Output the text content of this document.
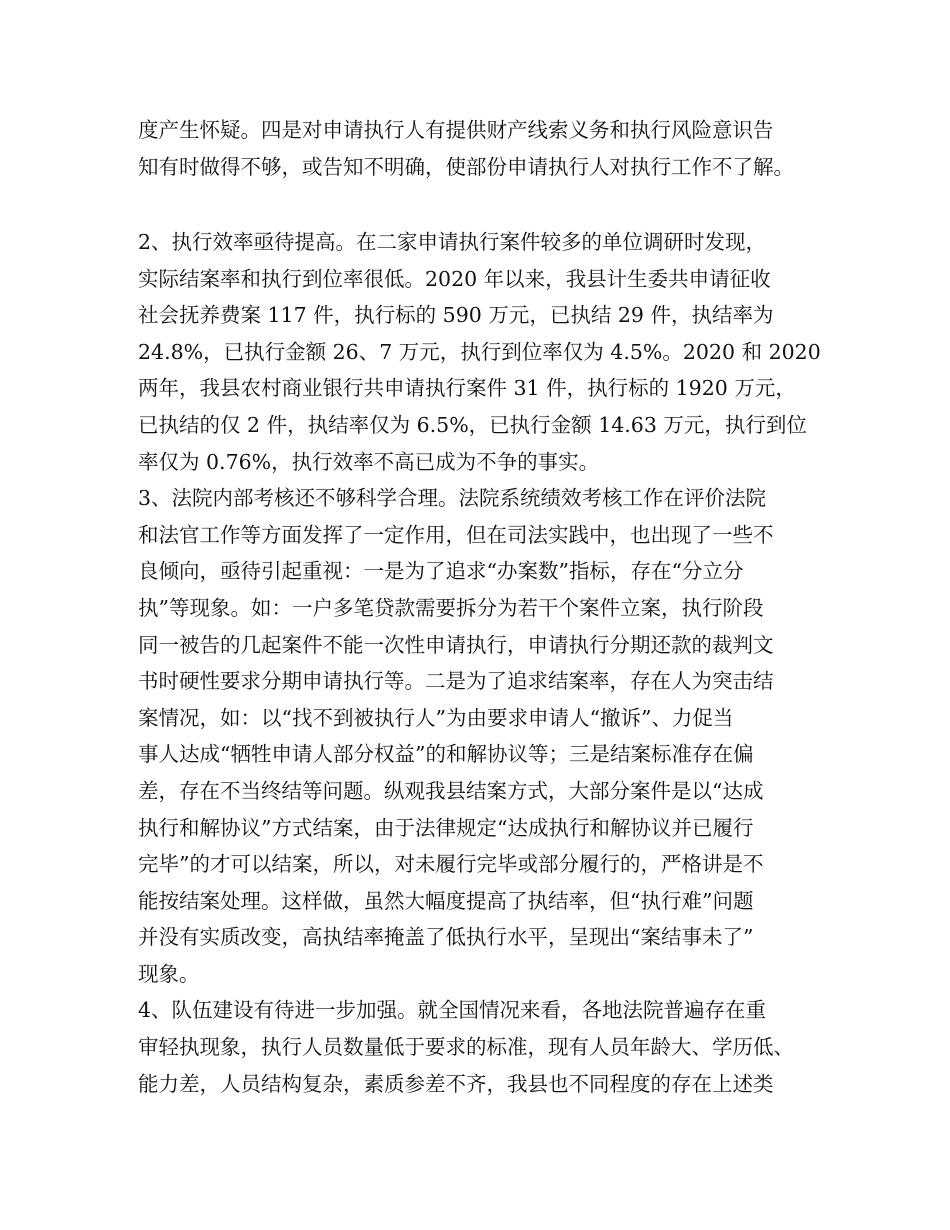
度产生怀疑。四是对申请执行人有提供财产线索义务和执行风险意识告
知有时做得不够，或告知不明确，使部份申请执行人对执行工作不了解。
2、执行效率亟待提高。在二家申请执行案件较多的单位调研时发现，
实际结案率和执行到位率很低。2020 年以来，我县计生委共申请征收
社会抚养费案 117 件，执行标的 590 万元，已执结 29 件，执结率为
24.8%，已执行金额 26、7 万元，执行到位率仅为 4.5%。2020 和 2020
两年，我县农村商业银行共申请执行案件 31 件，执行标的 1920 万元，
已执结的仅 2 件，执结率仅为 6.5%，已执行金额 14.63 万元，执行到位
率仅为 0.76%，执行效率不高已成为不争的事实。
3、法院内部考核还不够科学合理。法院系统绩效考核工作在评价法院
和法官工作等方面发挥了一定作用，但在司法实践中，也出现了一些不
良倾向，亟待引起重视：一是为了追求“办案数”指标，存在“分立分
执”等现象。如：一户多笔贷款需要拆分为若干个案件立案，执行阶段
同一被告的几起案件不能一次性申请执行，申请执行分期还款的裁判文
书时硬性要求分期申请执行等。二是为了追求结案率，存在人为突击结
案情况，如：以“找不到被执行人”为由要求申请人“撤诉”、力促当
事人达成“牺牲申请人部分权益”的和解协议等；三是结案标准存在偏
差，存在不当终结等问题。纵观我县结案方式，大部分案件是以“达成
执行和解协议”方式结案，由于法律规定“达成执行和解协议并已履行
完毕”的才可以结案，所以，对未履行完毕或部分履行的，严格讲是不
能按结案处理。这样做，虽然大幅度提高了执结率，但“执行难”问题
并没有实质改变，高执结率掩盖了低执行水平，呈现出“案结事未了”
现象。
4、队伍建设有待进一步加强。就全国情况来看，各地法院普遍存在重
审轻执现象，执行人员数量低于要求的标准，现有人员年龄大、学历低、
能力差，人员结构复杂，素质参差不齐，我县也不同程度的存在上述类
